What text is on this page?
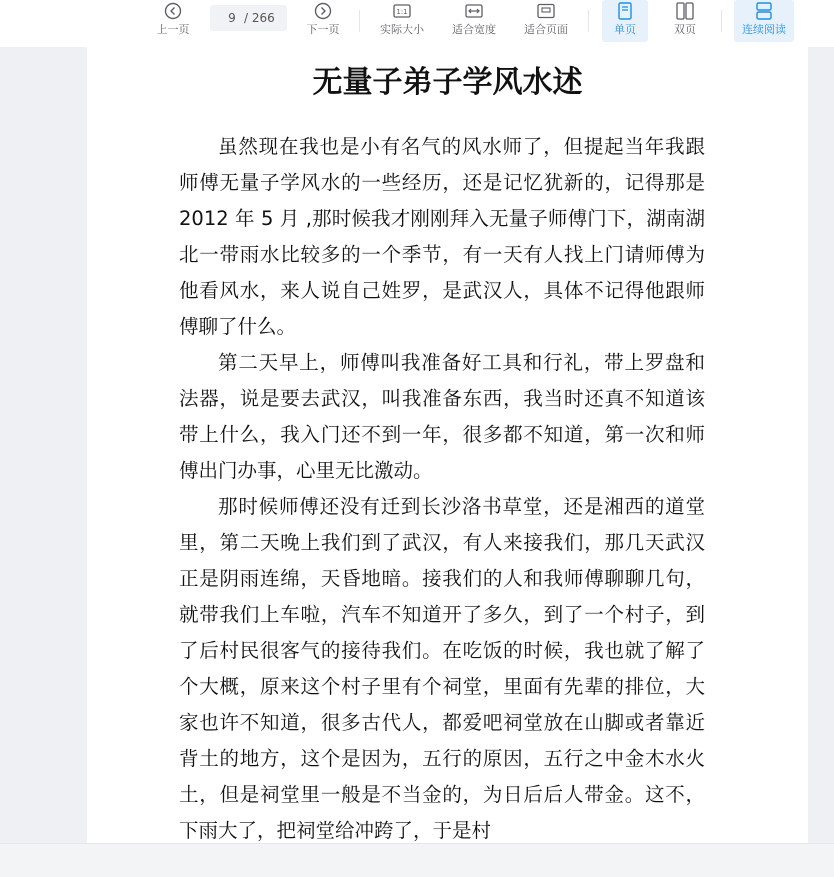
上一页
9 / 266
下一页
1:1
实际大小	适合宽度	适合页面	单页	双页	连续阅读
无量子弟子学风水述

虽然现在我也是小有名气的风水师了，但提起当年我跟师傅无量子学风水的一些经历，还是记忆犹新的，记得那是 2012 年 5 月 ,那时候我才刚刚拜入无量子师傅门下，湖南湖北一带雨水比较多的一个季节，有一天有人找上门请师傅为他看风水，来人说自己姓罗，是武汉人，具体不记得他跟师傅聊了什么。

第二天早上，师傅叫我准备好工具和行礼，带上罗盘和法器，说是要去武汉，叫我准备东西，我当时还真不知道该带上什么，我入门还不到一年，很多都不知道，第一次和师傅出门办事，心里无比激动。

那时候师傅还没有迁到长沙洛书草堂，还是湘西的道堂里，第二天晚上我们到了武汉，有人来接我们，那几天武汉正是阴雨连绵，天昏地暗。接我们的人和我师傅聊聊几句，就带我们上车啦，汽车不知道开了多久，到了一个村子，到了后村民很客气的接待我们。在吃饭的时候，我也就了解了个大概，原来这个村子里有个祠堂，里面有先辈的排位，大家也许不知道，很多古代人，都爱吧祠堂放在山脚或者靠近背土的地方，这个是因为，五行的原因，五行之中金木水火土，但是祠堂里一般是不当金的，为日后后人带金。这不，下雨大了，把祠堂给冲跨了，于是村
